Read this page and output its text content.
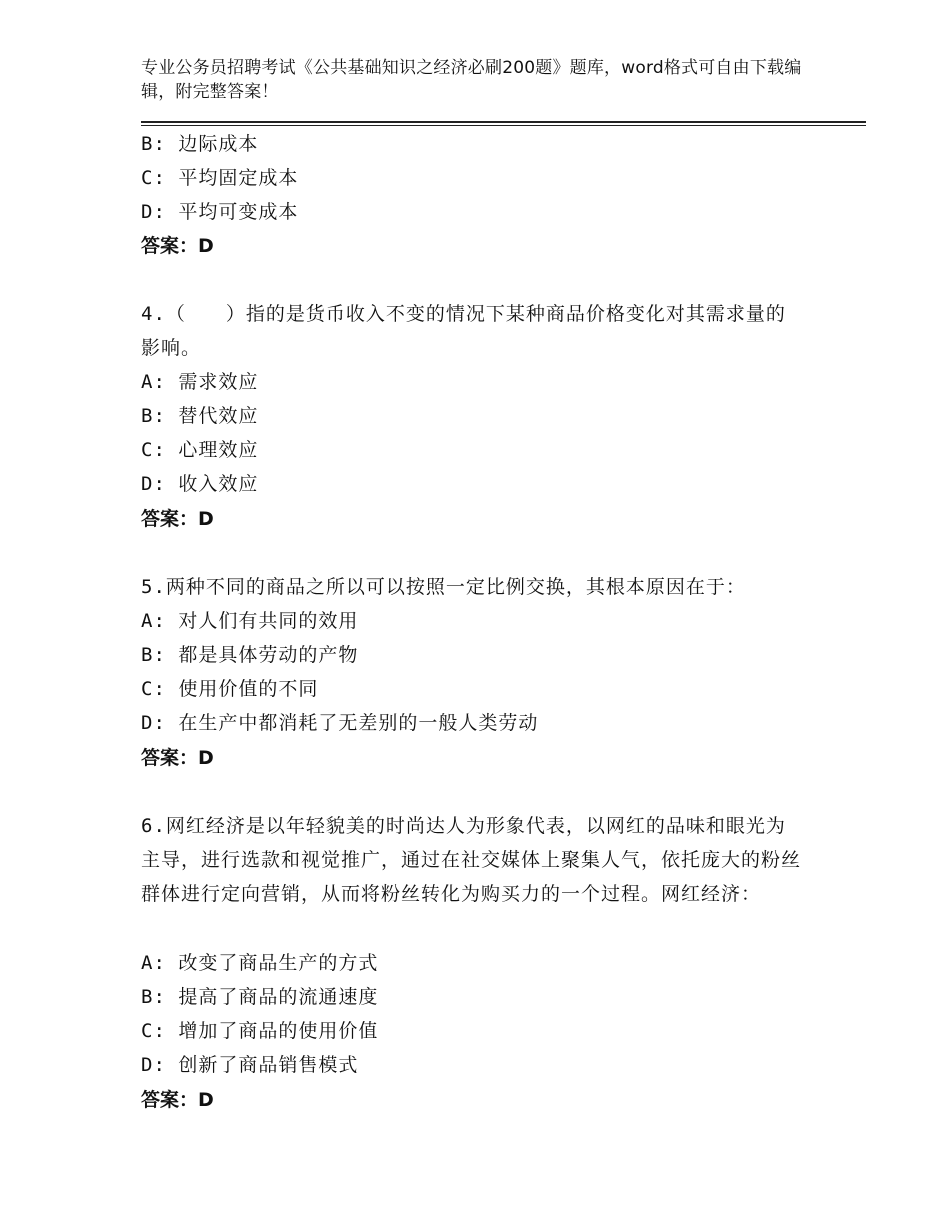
专业公务员招聘考试《公共基础知识之经济必刷200题》题库，word格式可自由下载编辑，附完整答案！
B: 边际成本
C: 平均固定成本
D: 平均可变成本
答案：D
4.（　　）指的是货币收入不变的情况下某种商品价格变化对其需求量的影响。
A: 需求效应
B: 替代效应
C: 心理效应
D: 收入效应
答案：D
5.两种不同的商品之所以可以按照一定比例交换，其根本原因在于：
A: 对人们有共同的效用
B: 都是具体劳动的产物
C: 使用价值的不同
D: 在生产中都消耗了无差别的一般人类劳动
答案：D
6.网红经济是以年轻貌美的时尚达人为形象代表，以网红的品味和眼光为主导，进行选款和视觉推广，通过在社交媒体上聚集人气，依托庞大的粉丝群体进行定向营销，从而将粉丝转化为购买力的一个过程。网红经济：
A: 改变了商品生产的方式
B: 提高了商品的流通速度
C: 增加了商品的使用价值
D: 创新了商品销售模式
答案：D
